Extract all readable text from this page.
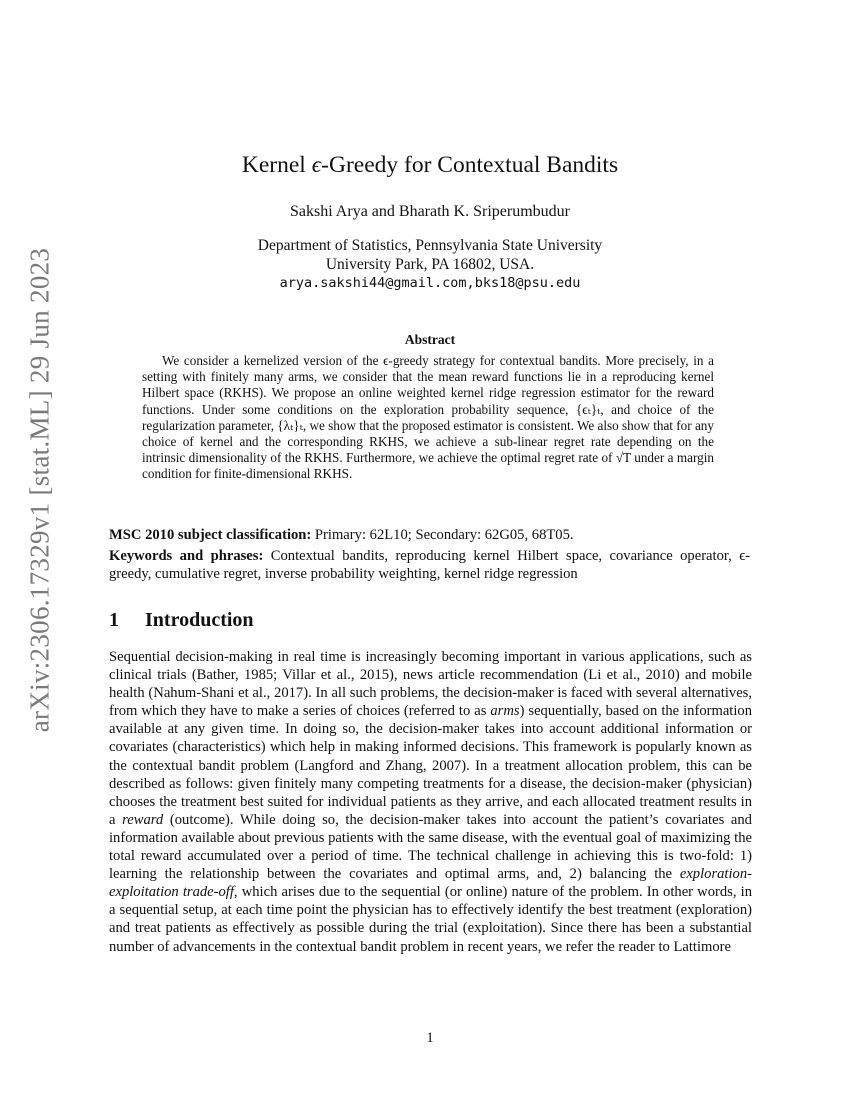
arXiv:2306.17329v1 [stat.ML] 29 Jun 2023
Kernel ϵ-Greedy for Contextual Bandits
Sakshi Arya and Bharath K. Sriperumbudur
Department of Statistics, Pennsylvania State University
University Park, PA 16802, USA.
arya.sakshi44@gmail.com,bks18@psu.edu
Abstract
We consider a kernelized version of the ϵ-greedy strategy for contextual bandits. More precisely, in a setting with finitely many arms, we consider that the mean reward functions lie in a reproducing kernel Hilbert space (RKHS). We propose an online weighted kernel ridge regression estimator for the reward functions. Under some conditions on the exploration probability sequence, {ϵₜ}ₜ, and choice of the regularization parameter, {λₜ}ₜ, we show that the proposed estimator is consistent. We also show that for any choice of kernel and the corresponding RKHS, we achieve a sub-linear regret rate depending on the intrinsic dimensionality of the RKHS. Furthermore, we achieve the optimal regret rate of √T under a margin condition for finite-dimensional RKHS.
MSC 2010 subject classification: Primary: 62L10; Secondary: 62G05, 68T05.
Keywords and phrases: Contextual bandits, reproducing kernel Hilbert space, covariance operator, ϵ-greedy, cumulative regret, inverse probability weighting, kernel ridge regression
1 Introduction
Sequential decision-making in real time is increasingly becoming important in various applications, such as clinical trials (Bather, 1985; Villar et al., 2015), news article recommendation (Li et al., 2010) and mobile health (Nahum-Shani et al., 2017). In all such problems, the decision-maker is faced with several alternatives, from which they have to make a series of choices (referred to as arms) sequentially, based on the information available at any given time. In doing so, the decision-maker takes into account additional information or covariates (characteristics) which help in making informed decisions. This framework is popularly known as the contextual bandit problem (Langford and Zhang, 2007). In a treatment allocation problem, this can be described as follows: given finitely many competing treatments for a disease, the decision-maker (physician) chooses the treatment best suited for individual patients as they arrive, and each allocated treatment results in a reward (outcome). While doing so, the decision-maker takes into account the patient’s covariates and information available about previous patients with the same disease, with the eventual goal of maximizing the total reward accumulated over a period of time. The technical challenge in achieving this is two-fold: 1) learning the relationship between the covariates and optimal arms, and, 2) balancing the exploration-exploitation trade-off, which arises due to the sequential (or online) nature of the problem. In other words, in a sequential setup, at each time point the physician has to effectively identify the best treatment (exploration) and treat patients as effectively as possible during the trial (exploitation). Since there has been a substantial number of advancements in the contextual bandit problem in recent years, we refer the reader to Lattimore
1
